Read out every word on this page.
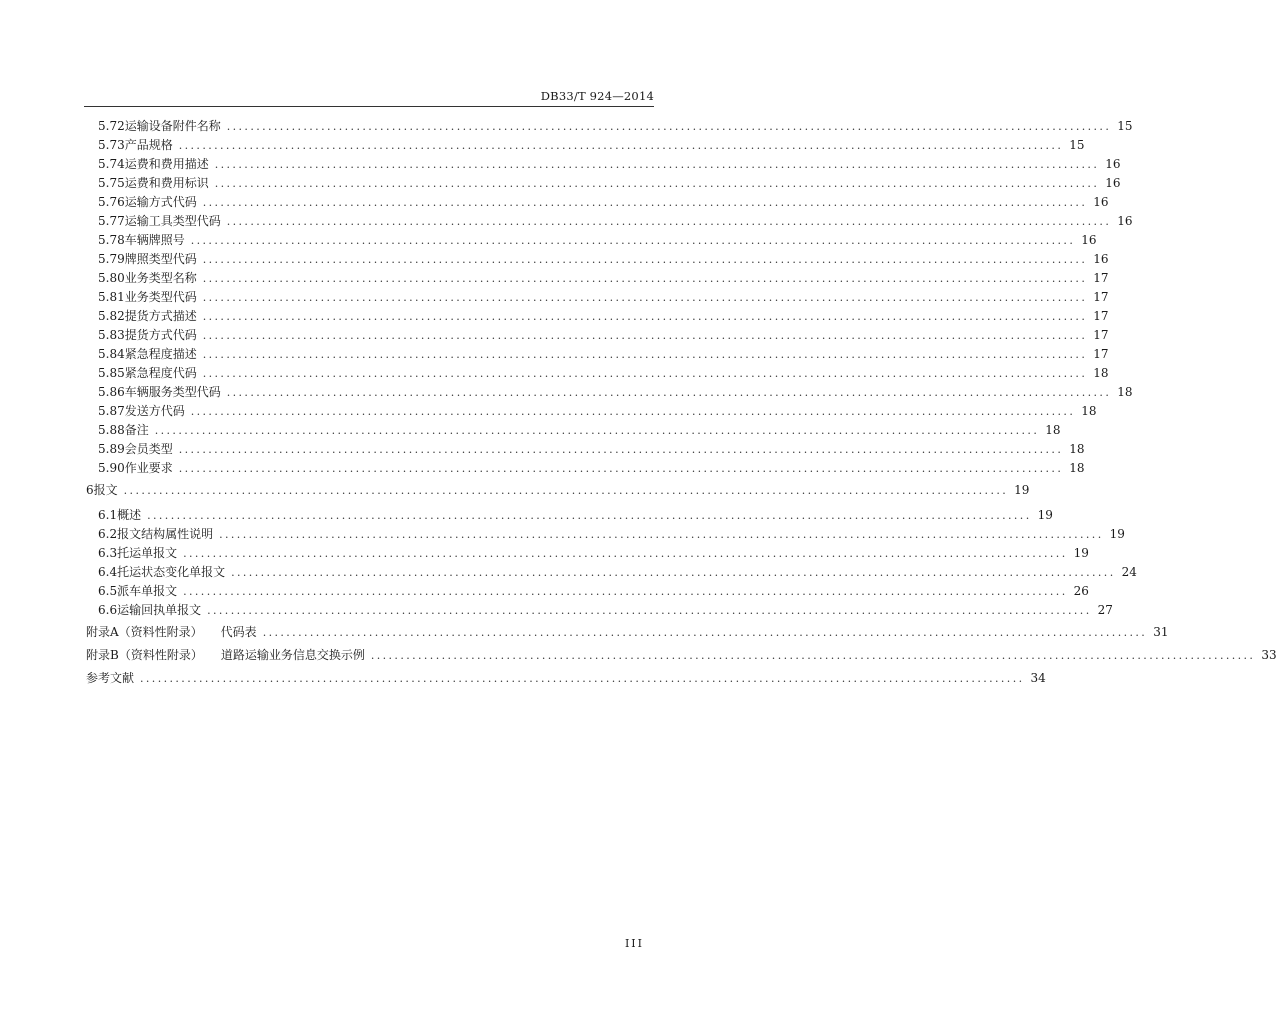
DB33/T 924—2014
5.72 运输设备附件名称 ...................................................................................................................................................... 15
5.73 产品规格 ...................................................................................................................................................... 15
5.74 运费和费用描述 ...................................................................................................................................................... 16
5.75 运费和费用标识 ...................................................................................................................................................... 16
5.76 运输方式代码 ...................................................................................................................................................... 16
5.77 运输工具类型代码 ...................................................................................................................................................... 16
5.78 车辆牌照号 ...................................................................................................................................................... 16
5.79 牌照类型代码 ...................................................................................................................................................... 16
5.80 业务类型名称 ...................................................................................................................................................... 17
5.81 业务类型代码 ...................................................................................................................................................... 17
5.82 提货方式描述 ...................................................................................................................................................... 17
5.83 提货方式代码 ...................................................................................................................................................... 17
5.84 紧急程度描述 ...................................................................................................................................................... 17
5.85 紧急程度代码 ...................................................................................................................................................... 18
5.86 车辆服务类型代码 ...................................................................................................................................................... 18
5.87 发送方代码 ...................................................................................................................................................... 18
5.88 备注 ...................................................................................................................................................... 18
5.89 会员类型 ...................................................................................................................................................... 18
5.90 作业要求 ...................................................................................................................................................... 18
6 报文 ...................................................................................................................................................... 19
6.1 概述 ...................................................................................................................................................... 19
6.2 报文结构属性说明 ...................................................................................................................................................... 19
6.3 托运单报文 ...................................................................................................................................................... 19
6.4 托运状态变化单报文 ...................................................................................................................................................... 24
6.5 派车单报文 ...................................................................................................................................................... 26
6.6 运输回执单报文 ...................................................................................................................................................... 27
附录A（资料性附录） 代码表 ...................................................................................................................................................... 31
附录B（资料性附录） 道路运输业务信息交换示例 ...................................................................................................................................................... 33
参考文献 ...................................................................................................................................................... 34
III
